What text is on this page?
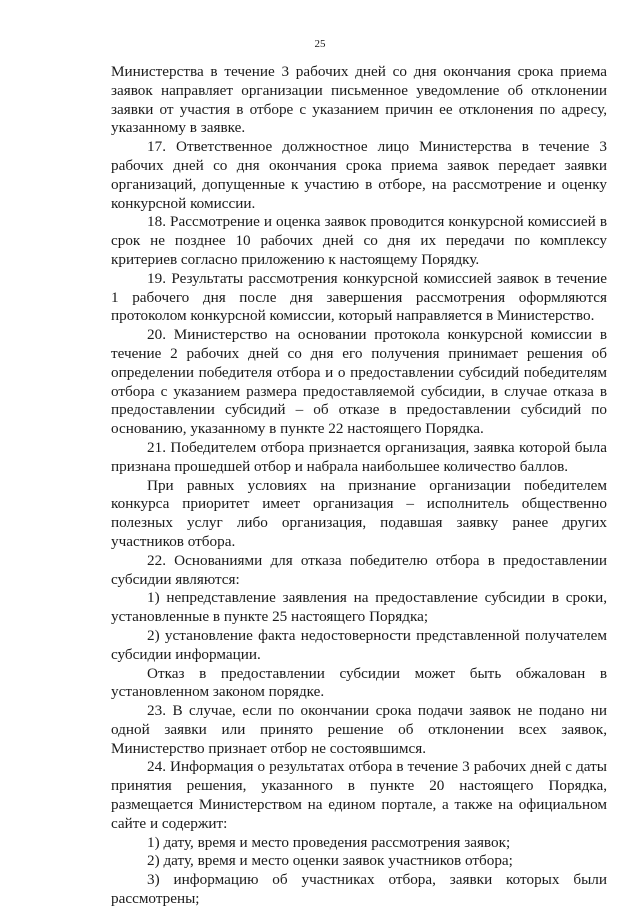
25

Министерства в течение 3 рабочих дней со дня окончания срока приема заявок направляет организации письменное уведомление об отклонении заявки от участия в отборе с указанием причин ее отклонения по адресу, указанному в заявке.

17. Ответственное должностное лицо Министерства в течение 3 рабочих дней со дня окончания срока приема заявок передает заявки организаций, допущенные к участию в отборе, на рассмотрение и оценку конкурсной комиссии.

18. Рассмотрение и оценка заявок проводится конкурсной комиссией в срок не позднее 10 рабочих дней со дня их передачи по комплексу критериев согласно приложению к настоящему Порядку.

19. Результаты рассмотрения конкурсной комиссией заявок в течение 1 рабочего дня после дня завершения рассмотрения оформляются протоколом конкурсной комиссии, который направляется в Министерство.

20. Министерство на основании протокола конкурсной комиссии в течение 2 рабочих дней со дня его получения принимает решения об определении победителя отбора и о предоставлении субсидий победителям отбора с указанием размера предоставляемой субсидии, в случае отказа в предоставлении субсидий – об отказе в предоставлении субсидий по основанию, указанному в пункте 22 настоящего Порядка.

21. Победителем отбора признается организация, заявка которой была признана прошедшей отбор и набрала наибольшее количество баллов.

При равных условиях на признание организации победителем конкурса приоритет имеет организация – исполнитель общественно полезных услуг либо организация, подавшая заявку ранее других участников отбора.

22. Основаниями для отказа победителю отбора в предоставлении субсидии являются:

1) непредставление заявления на предоставление субсидии в сроки, установленные в пункте 25 настоящего Порядка;

2) установление факта недостоверности представленной получателем субсидии информации.

Отказ в предоставлении субсидии может быть обжалован в установленном законом порядке.

23. В случае, если по окончании срока подачи заявок не подано ни одной заявки или принято решение об отклонении всех заявок, Министерство признает отбор не состоявшимся.

24. Информация о результатах отбора в течение 3 рабочих дней с даты принятия решения, указанного в пункте 20 настоящего Порядка, размещается Министерством на едином портале, а также на официальном сайте и содержит:

1) дату, время и место проведения рассмотрения заявок;

2) дату, время и место оценки заявок участников отбора;

3) информацию об участниках отбора, заявки которых были рассмотрены;
